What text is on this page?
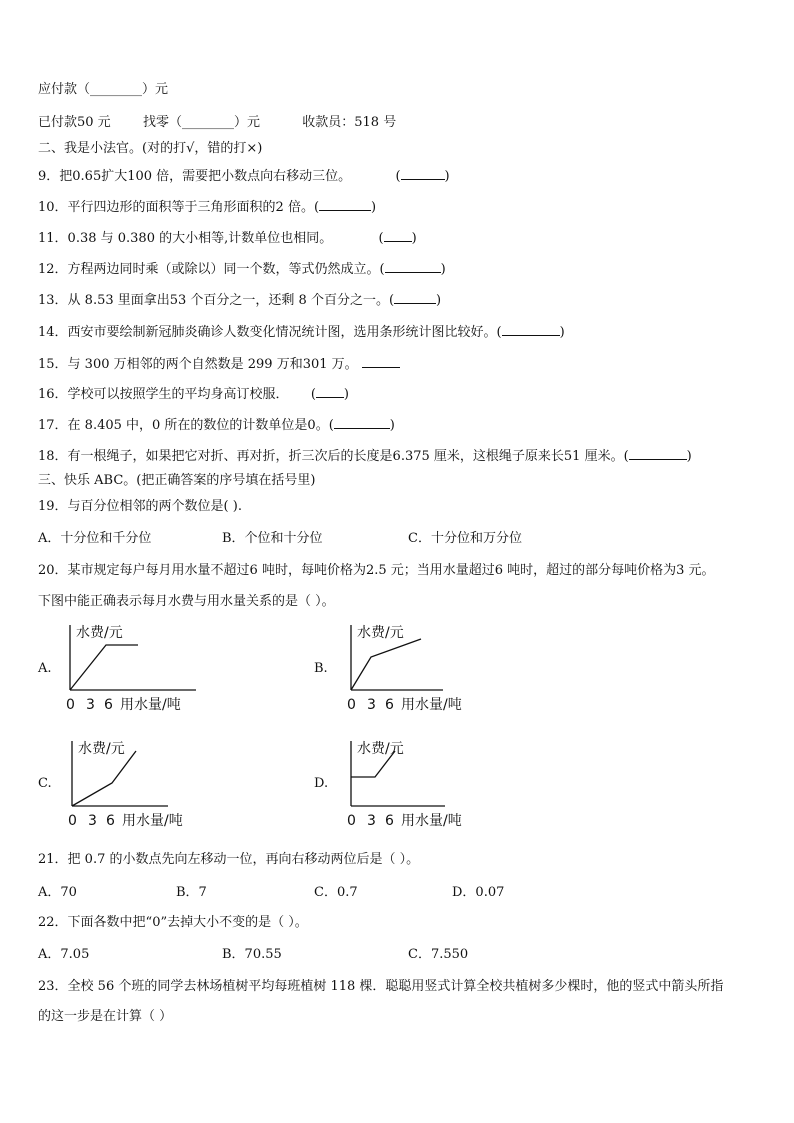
应付款（________）元
已付款50 元 找零（________）元	收款员：518 号
二、我是小法官。(对的打√，错的打×)
9．把0.65扩大100 倍，需要把小数点向右移动三位。	(	)
10．平行四边形的面积等于三角形面积的2 倍。(	)
11．0.38 与 0.380 的大小相等,计数单位也相同。	( )
12．方程两边同时乘（或除以）同一个数，等式仍然成立。(	)
13．从 8.53 里面拿出53 个百分之一，还剩 8 个百分之一。(	)
14．西安市要绘制新冠肺炎确诊人数变化情况统计图，选用条形统计图比较好。(	)
15．与 300 万相邻的两个自然数是 299 万和301 万。
16．学校可以按照学生的平均身高订校服． ( )
17．在 8.405 中，0 所在的数位的计数单位是0。(	)
18．有一根绳子，如果把它对折、再对折，折三次后的长度是6.375 厘米，这根绳子原来长51 厘米。(	)
三、快乐 ABC。(把正确答案的序号填在括号里)
19．与百分位相邻的两个数位是( ).
A．十分位和千分位	B．个位和十分位	C．十分位和万分位
20．某市规定每户每月用水量不超过6 吨时，每吨价格为2.5 元；当用水量超过6 吨时，超过的部分每吨价格为3 元。
下图中能正确表示每月水费与用水量关系的是（ ）。
A.	B.
C.	D.
水费/元
0 3 6 用水量/吨
水费/元
0 3 6 用水量/吨
水费/元
0 3 6 用水量/吨
水费/元
0 3 6 用水量/吨
21．把 0.7 的小数点先向左移动一位，再向右移动两位后是（ ）。
A．70	B．7	C．0.7	D．0.07
22．下面各数中把“0”去掉大小不变的是（ ）。
A．7.05	B．70.55	C．7.550
23．全校 56 个班的同学去林场植树平均每班植树 118 棵．聪聪用竖式计算全校共植树多少棵时，他的竖式中箭头所指
的这一步是在计算（ ）
